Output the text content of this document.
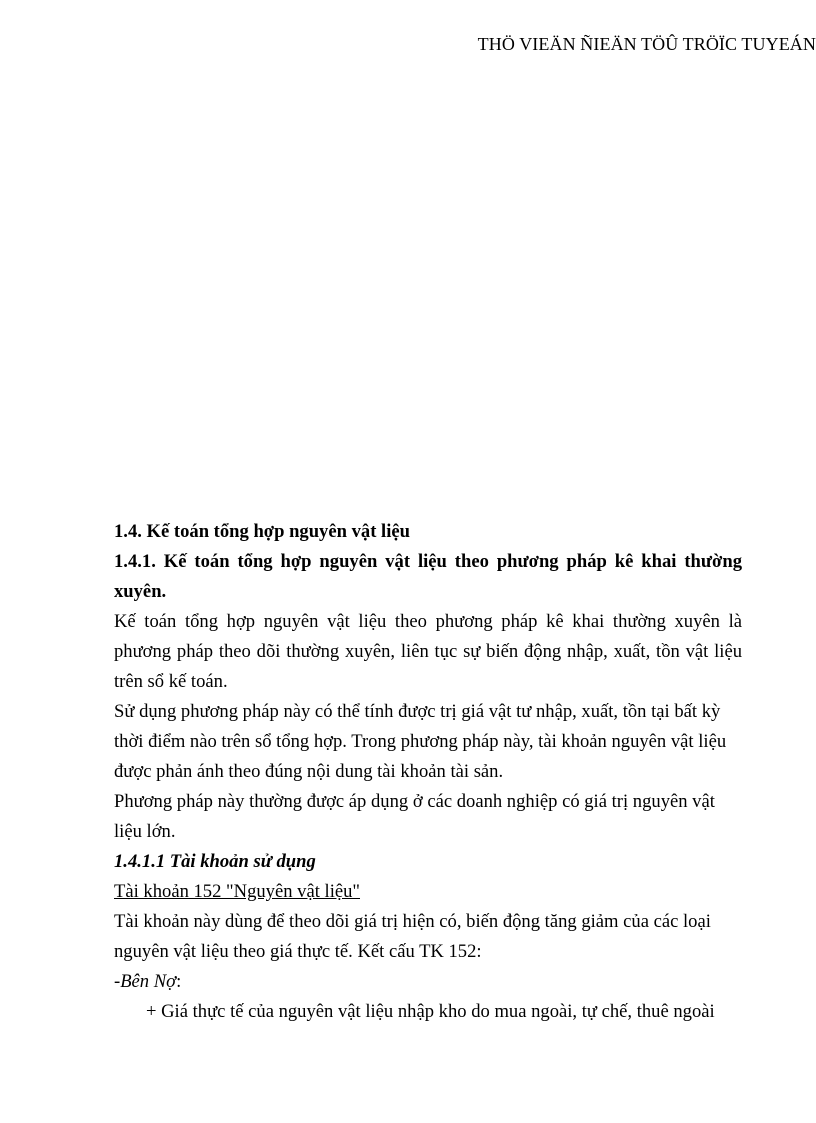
THÖ VIEÄN ÑIEÄN TÖÛ TRÖÏC TUYEÁN
1.4. Kế toán tổng hợp nguyên vật liệu
1.4.1. Kế toán tổng hợp nguyên vật liệu theo phương pháp kê khai thường
xuyên.
Kế toán tổng hợp nguyên vật liệu theo phương pháp kê khai thường xuyên là
phương pháp theo dõi thường xuyên, liên tục sự biến động nhập, xuất, tồn vật liệu
trên sổ kế toán.
Sử dụng phương pháp này có thể tính được trị giá vật tư nhập, xuất, tồn tại bất kỳ
thời điểm nào trên sổ tổng hợp. Trong phương pháp này, tài khoản nguyên vật liệu
được phản ánh theo đúng nội dung tài khoản tài sản.
Phương pháp này thường được áp dụng ở các doanh nghiệp có giá trị nguyên vật
liệu lớn.
1.4.1.1 Tài khoản sử dụng
Tài khoản 152 "Nguyên vật liệu"
Tài khoản này dùng để theo dõi giá trị hiện có, biến động tăng giảm của các loại
nguyên vật liệu theo giá thực tế. Kết cấu TK 152:
-Bên Nợ:
+ Giá thực tế của nguyên vật liệu nhập kho do mua ngoài, tự chế, thuê ngoài
